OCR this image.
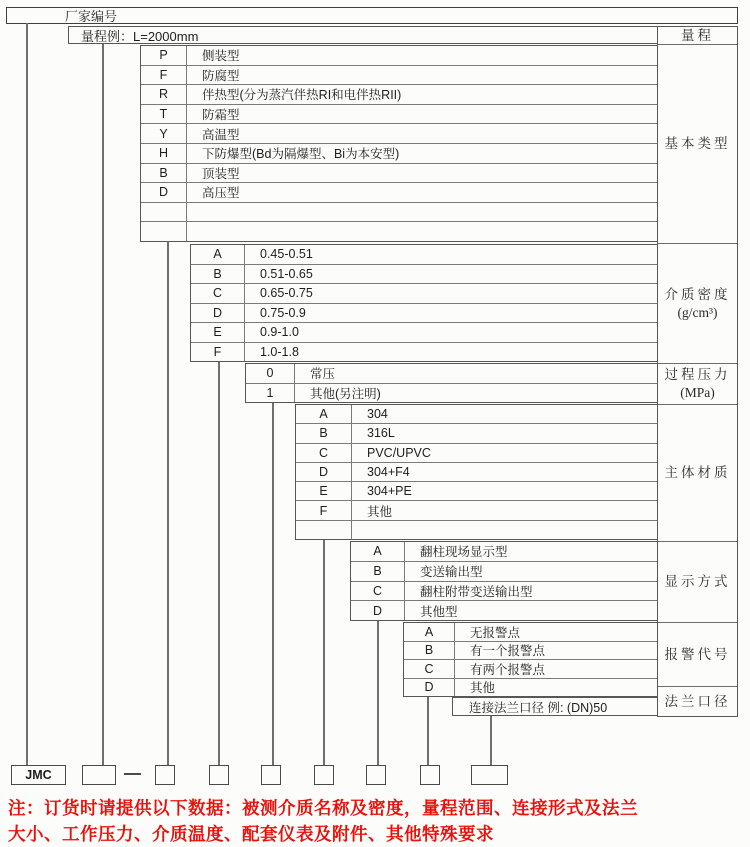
厂家编号
量程例：L=2000mm
P	侧装型
F	防腐型
R	伴热型(分为蒸汽伴热RI和电伴热RII)
T	防霜型
Y	高温型
H	下防爆型(Bd为隔爆型、Bi为本安型)
B	顶装型
D	高压型
A	0.45-0.51
B	0.51-0.65
C	0.65-0.75
D	0.75-0.9
E	0.9-1.0
F	1.0-1.8
0	常压
1	其他(另注明)
A	304
B	316L
C	PVC/UPVC
D	304+F4
E	304+PE
F	其他
A	翻柱现场显示型
B	变送输出型
C	翻柱附带变送输出型
D	其他型
A	无报警点
B	有一个报警点
C	有两个报警点
D	其他
连接法兰口径 例: (DN)50
量程
基本类型
介质密度
(g/cm³)
过程压力
(MPa)
主体材质
显示方式
报警代号
法兰口径
JMC
注：订货时请提供以下数据：被测介质名称及密度，量程范围、连接形式及法兰
大小、工作压力、介质温度、配套仪表及附件、其他特殊要求
